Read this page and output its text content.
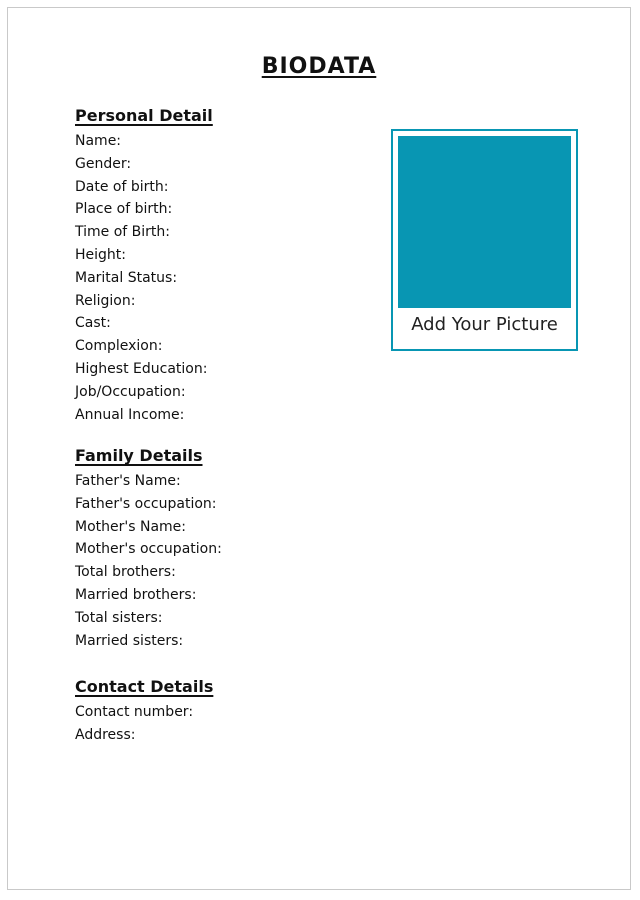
BIODATA
Personal Detail
Name:
Gender:
Date of birth:
Place of birth:
Time of Birth:
Height:
Marital Status:
Religion:
Cast:
Complexion:
Highest Education:
Job/Occupation:
Annual Income:
Family Details
Father's Name:
Father's occupation:
Mother's Name:
Mother's occupation:
Total brothers:
Married brothers:
Total sisters:
Married sisters:
Contact Details
Contact number:
Address:
Add Your Picture
